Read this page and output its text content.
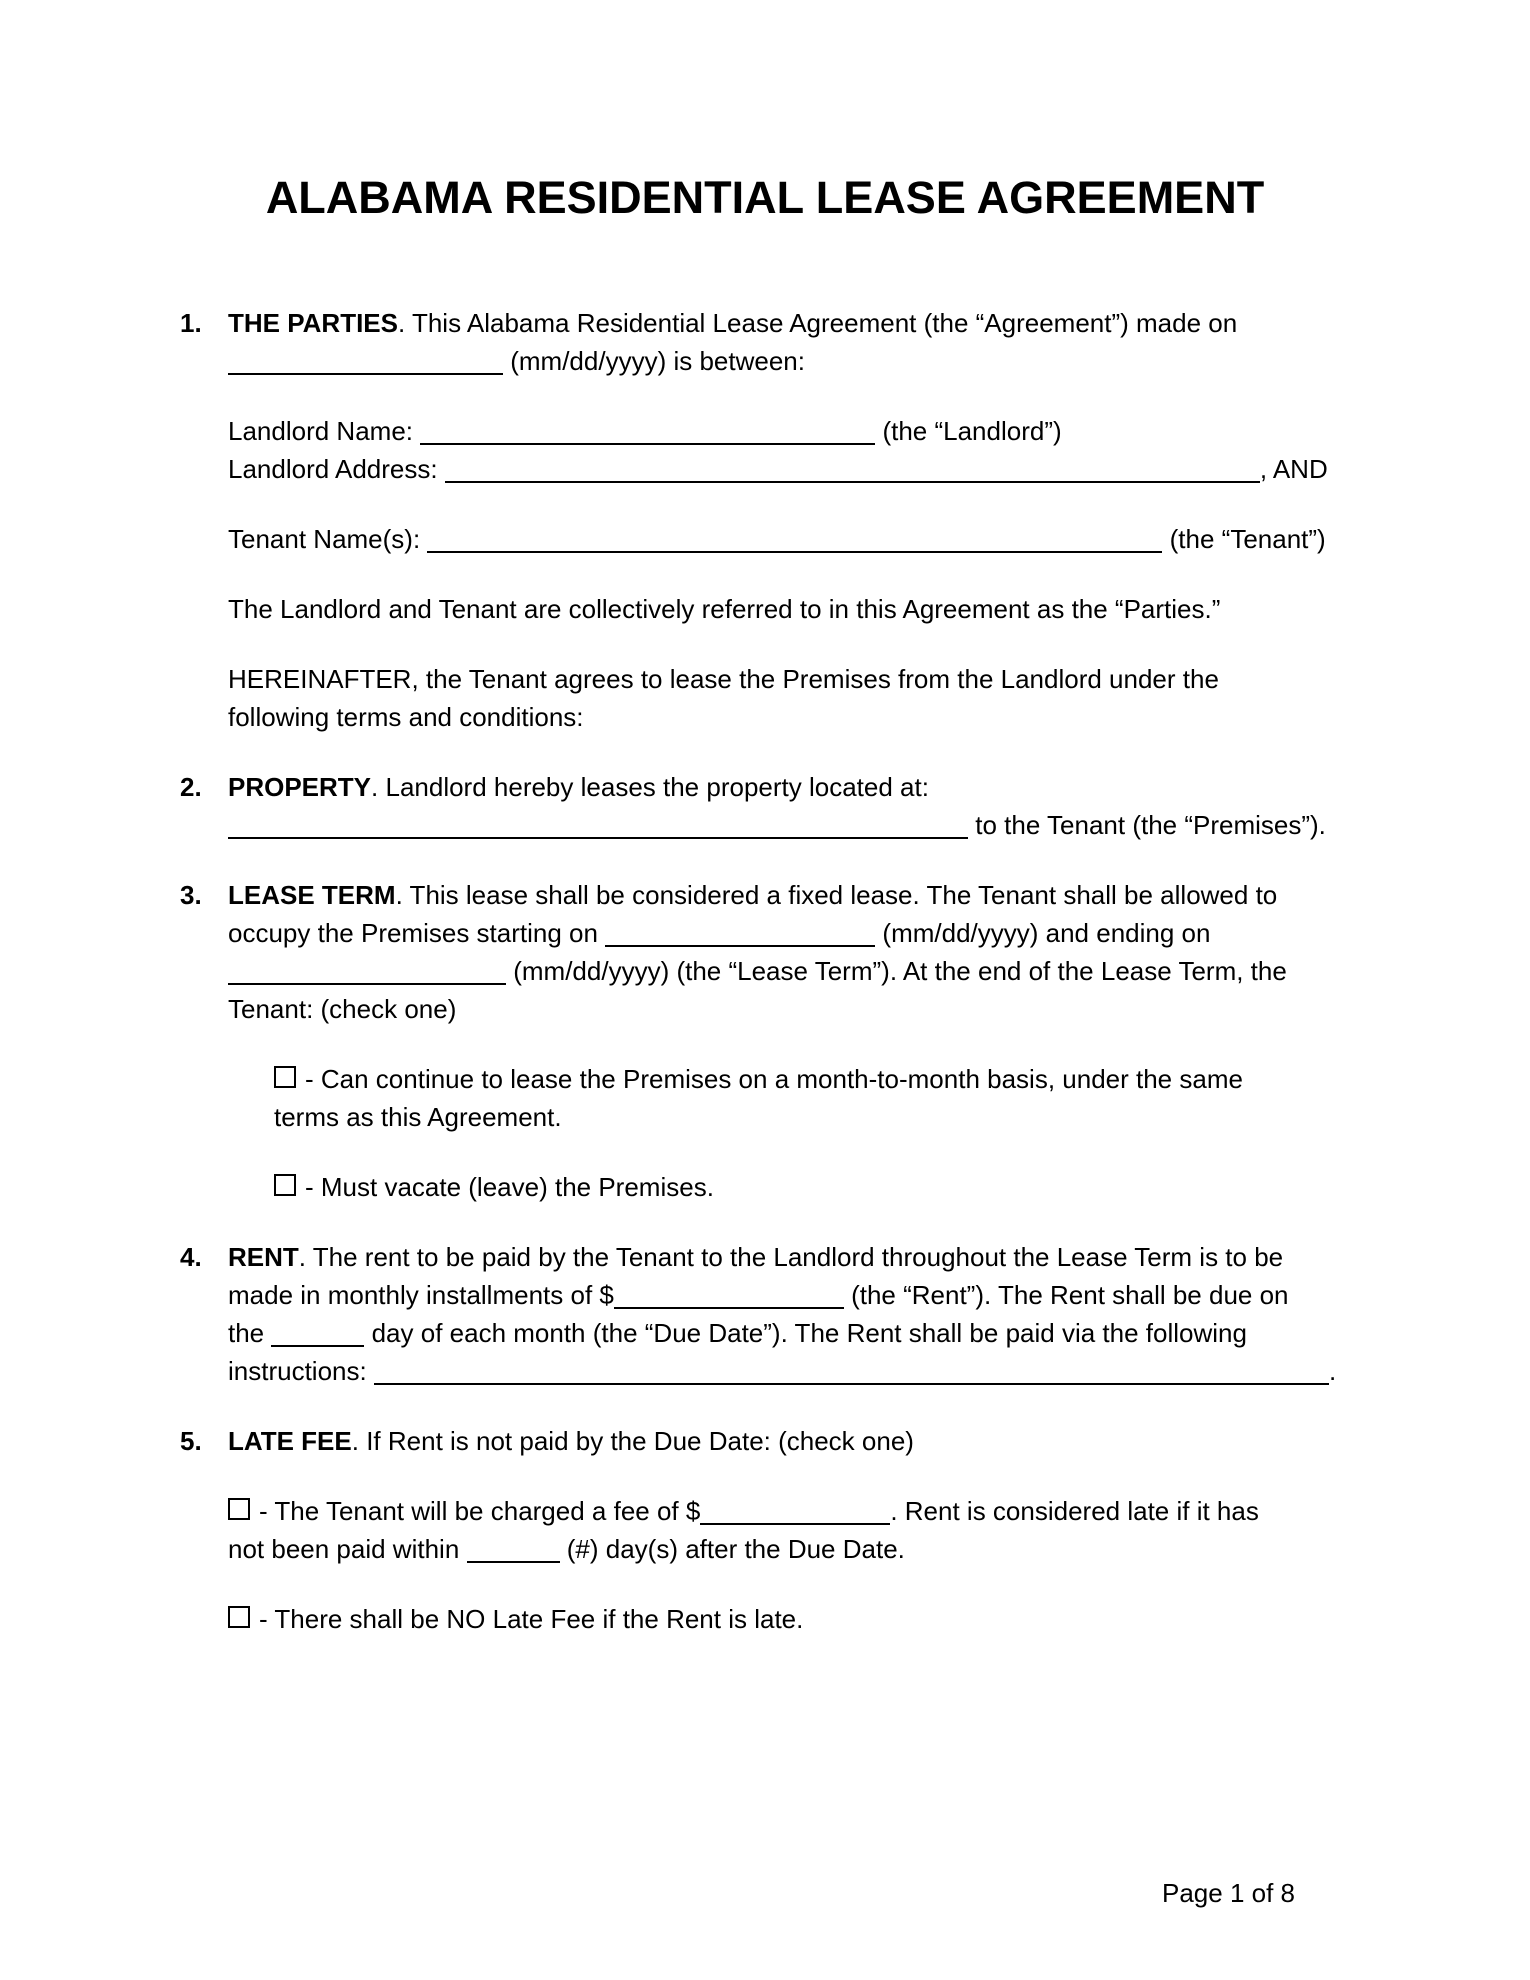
ALABAMA RESIDENTIAL LEASE AGREEMENT
1.	THE PARTIES. This Alabama Residential Lease Agreement (the “Agreement”) made on
(mm/dd/yyyy) is between:
Landlord Name:	(the “Landlord”)
Landlord Address:	, AND
Tenant Name(s):	(the “Tenant”)
The Landlord and Tenant are collectively referred to in this Agreement as the “Parties.”
HEREINAFTER, the Tenant agrees to lease the Premises from the Landlord under the
following terms and conditions:
2.	PROPERTY. Landlord hereby leases the property located at:
to the Tenant (the “Premises”).
3.	LEASE TERM. This lease shall be considered a fixed lease. The Tenant shall be allowed to
occupy the Premises starting on	(mm/dd/yyyy) and ending on
(mm/dd/yyyy) (the “Lease Term”). At the end of the Lease Term, the
Tenant: (check one)
- Can continue to lease the Premises on a month-to-month basis, under the same
terms as this Agreement.
- Must vacate (leave) the Premises.
4.	RENT. The rent to be paid by the Tenant to the Landlord throughout the Lease Term is to be
made in monthly installments of $	(the “Rent”). The Rent shall be due on
the	day of each month (the “Due Date”). The Rent shall be paid via the following
instructions:	.
5.	LATE FEE. If Rent is not paid by the Due Date: (check one)
- The Tenant will be charged a fee of $	. Rent is considered late if it has
not been paid within	(#) day(s) after the Due Date.
- There shall be NO Late Fee if the Rent is late.
Page 1 of 8
